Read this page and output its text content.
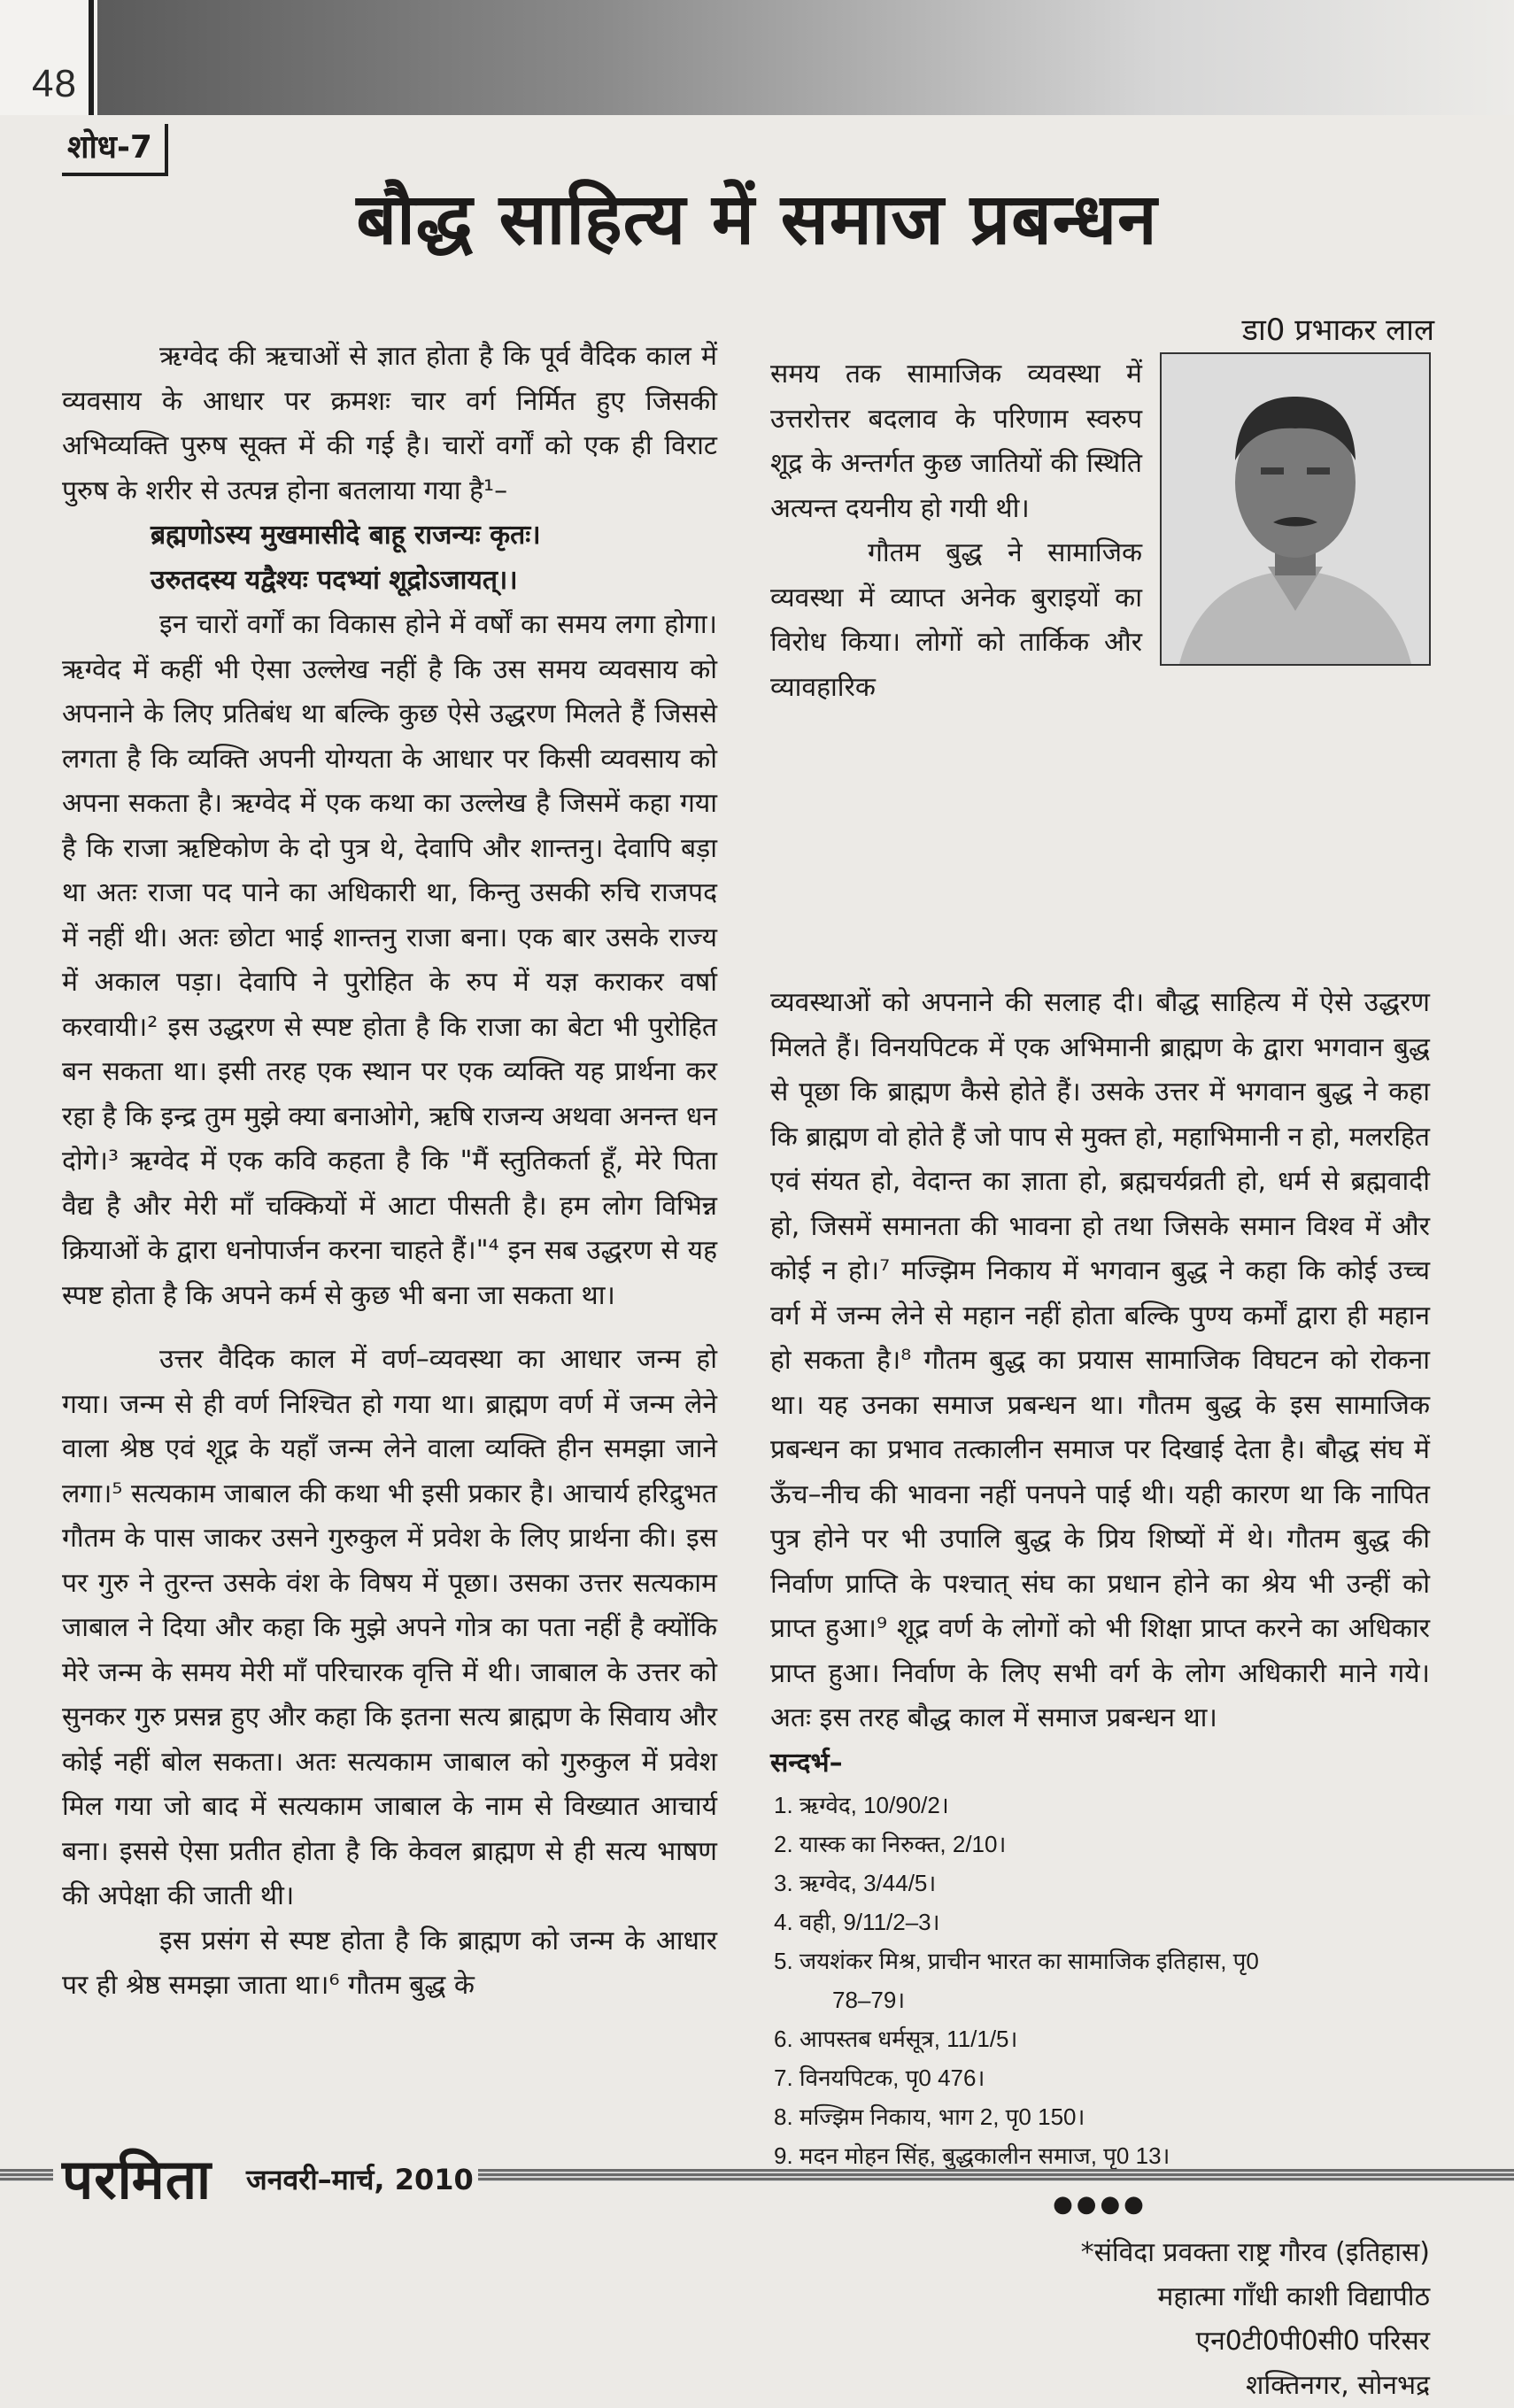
48
शोध-7
बौद्ध साहित्य में समाज प्रबन्धन
डा0 प्रभाकर लाल

ऋग्वेद की ऋचाओं से ज्ञात होता है कि पूर्व वैदिक काल में व्यवसाय के आधार पर क्रमशः चार वर्ग निर्मित हुए जिसकी अभिव्यक्ति पुरुष सूक्त में की गई है। चारों वर्गों को एक ही विराट पुरुष के शरीर से उत्पन्न होना बतलाया गया है¹–

ब्रह्मणोऽस्य मुखमासीदे बाहू राजन्यः कृतः।

उरुतदस्य यद्वैश्यः पदभ्यां शूद्रोऽजायत्।।

इन चारों वर्गों का विकास होने में वर्षों का समय लगा होगा। ऋग्वेद में कहीं भी ऐसा उल्लेख नहीं है कि उस समय व्यवसाय को अपनाने के लिए प्रतिबंध था बल्कि कुछ ऐसे उद्धरण मिलते हैं जिससे लगता है कि व्यक्ति अपनी योग्यता के आधार पर किसी व्यवसाय को अपना सकता है। ऋग्वेद में एक कथा का उल्लेख है जिसमें कहा गया है कि राजा ऋष्टिकोण के दो पुत्र थे, देवापि और शान्तनु। देवापि बड़ा था अतः राजा पद पाने का अधिकारी था, किन्तु उसकी रुचि राजपद में नहीं थी। अतः छोटा भाई शान्तनु राजा बना। एक बार उसके राज्य में अकाल पड़ा। देवापि ने पुरोहित के रुप में यज्ञ कराकर वर्षा करवायी।² इस उद्धरण से स्पष्ट होता है कि राजा का बेटा भी पुरोहित बन सकता था। इसी तरह एक स्थान पर एक व्यक्ति यह प्रार्थना कर रहा है कि इन्द्र तुम मुझे क्या बनाओगे, ऋषि राजन्य अथवा अनन्त धन दोगे।³ ऋग्वेद में एक कवि कहता है कि "मैं स्तुतिकर्ता हूँ, मेरे पिता वैद्य है और मेरी माँ चक्कियों में आटा पीसती है। हम लोग विभिन्न क्रियाओं के द्वारा धनोपार्जन करना चाहते हैं।"⁴ इन सब उद्धरण से यह स्पष्ट होता है कि अपने कर्म से कुछ भी बना जा सकता था।

उत्तर वैदिक काल में वर्ण–व्यवस्था का आधार जन्म हो गया। जन्म से ही वर्ण निश्चित हो गया था। ब्राह्मण वर्ण में जन्म लेने वाला श्रेष्ठ एवं शूद्र के यहाँ जन्म लेने वाला व्यक्ति हीन समझा जाने लगा।⁵ सत्यकाम जाबाल की कथा भी इसी प्रकार है। आचार्य हरिद्रुभत गौतम के पास जाकर उसने गुरुकुल में प्रवेश के लिए प्रार्थना की। इस पर गुरु ने तुरन्त उसके वंश के विषय में पूछा। उसका उत्तर सत्यकाम जाबाल ने दिया और कहा कि मुझे अपने गोत्र का पता नहीं है क्योंकि मेरे जन्म के समय मेरी माँ परिचारक वृत्ति में थी। जाबाल के उत्तर को सुनकर गुरु प्रसन्न हुए और कहा कि इतना सत्य ब्राह्मण के सिवाय और कोई नहीं बोल सकता। अतः सत्यकाम जाबाल को गुरुकुल में प्रवेश मिल गया जो बाद में सत्यकाम जाबाल के नाम से विख्यात आचार्य बना। इससे ऐसा प्रतीत होता है कि केवल ब्राह्मण से ही सत्य भाषण की अपेक्षा की जाती थी।

इस प्रसंग से स्पष्ट होता है कि ब्राह्मण को जन्म के आधार पर ही श्रेष्ठ समझा जाता था।⁶ गौतम बुद्ध के

समय तक सामाजिक व्यवस्था में उत्तरोत्तर बदलाव के परिणाम स्वरुप शूद्र के अन्तर्गत कुछ जातियों की स्थिति अत्यन्त दयनीय हो गयी थी।

गौतम बुद्ध ने सामाजिक व्यवस्था में व्याप्त अनेक बुराइयों का विरोध किया। लोगों को तार्किक और व्यावहारिक

व्यवस्थाओं को अपनाने की सलाह दी। बौद्ध साहित्य में ऐसे उद्धरण मिलते हैं। विनयपिटक में एक अभिमानी ब्राह्मण के द्वारा भगवान बुद्ध से पूछा कि ब्राह्मण कैसे होते हैं। उसके उत्तर में भगवान बुद्ध ने कहा कि ब्राह्मण वो होते हैं जो पाप से मुक्त हो, महाभिमानी न हो, मलरहित एवं संयत हो, वेदान्त का ज्ञाता हो, ब्रह्मचर्यव्रती हो, धर्म से ब्रह्मवादी हो, जिसमें समानता की भावना हो तथा जिसके समान विश्व में और कोई न हो।⁷ मज्झिम निकाय में भगवान बुद्ध ने कहा कि कोई उच्च वर्ग में जन्म लेने से महान नहीं होता बल्कि पुण्य कर्मों द्वारा ही महान हो सकता है।⁸ गौतम बुद्ध का प्रयास सामाजिक विघटन को रोकना था। यह उनका समाज प्रबन्धन था। गौतम बुद्ध के इस सामाजिक प्रबन्धन का प्रभाव तत्कालीन समाज पर दिखाई देता है। बौद्ध संघ में ऊँच–नीच की भावना नहीं पनपने पाई थी। यही कारण था कि नापित पुत्र होने पर भी उपालि बुद्ध के प्रिय शिष्यों में थे। गौतम बुद्ध की निर्वाण प्राप्ति के पश्चात् संघ का प्रधान होने का श्रेय भी उन्हीं को प्राप्त हुआ।⁹ शूद्र वर्ण के लोगों को भी शिक्षा प्राप्त करने का अधिकार प्राप्त हुआ। निर्वाण के लिए सभी वर्ग के लोग अधिकारी माने गये। अतः इस तरह बौद्ध काल में समाज प्रबन्धन था।

सन्दर्भ–

1. ऋग्वेद, 10/90/2।
2. यास्क का निरुक्त, 2/10।
3. ऋग्वेद, 3/44/5।
4. वही, 9/11/2–3।
5. जयशंकर मिश्र, प्राचीन भारत का सामाजिक इतिहास, पृ0
78–79।
6. आपस्तब धर्मसूत्र, 11/1/5।
7. विनयपिटक, पृ0 476।
8. मज्झिम निकाय, भाग 2, पृ0 150।
9. मदन मोहन सिंह, बुद्धकालीन समाज, पृ0 13।
●●●●
*संविदा प्रवक्ता राष्ट्र गौरव (इतिहास)
महात्मा गाँधी काशी विद्यापीठ
एन0टी0पी0सी0 परिसर
शक्तिनगर, सोनभद्र
परमिता जनवरी–मार्च, 2010
